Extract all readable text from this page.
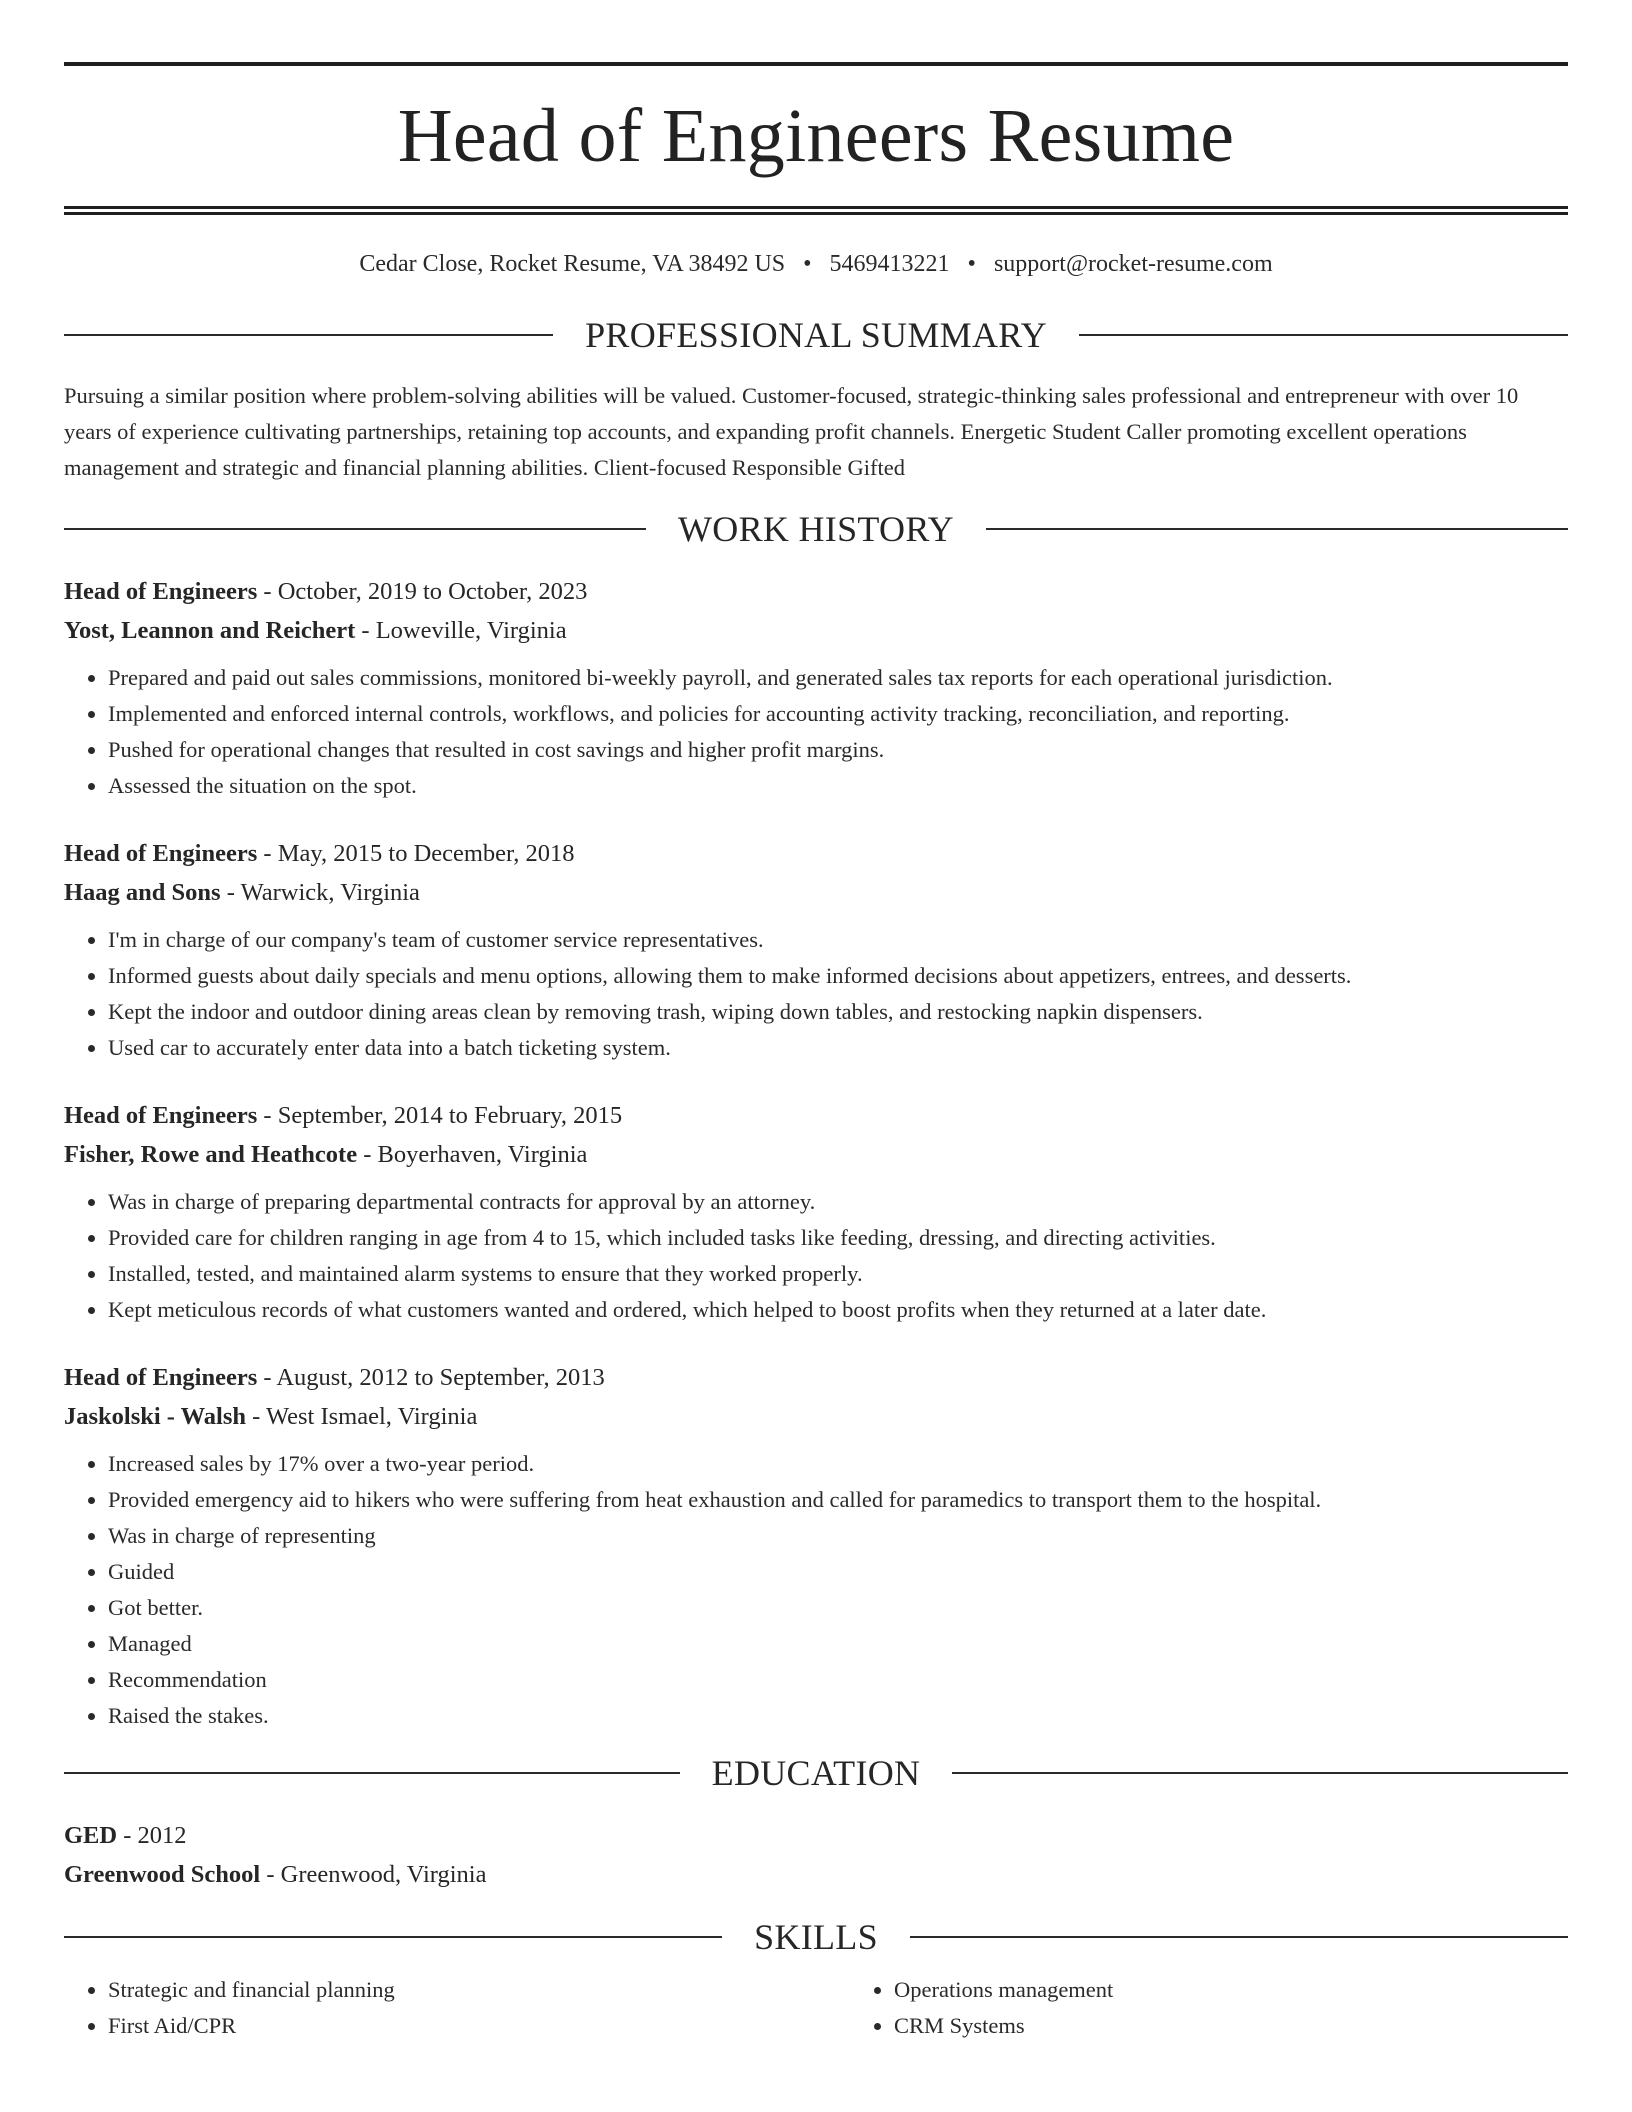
Head of Engineers Resume
Cedar Close, Rocket Resume, VA 38492 US • 5469413221 • support@rocket-resume.com
PROFESSIONAL SUMMARY
Pursuing a similar position where problem-solving abilities will be valued. Customer-focused, strategic-thinking sales professional and entrepreneur with over 10 years of experience cultivating partnerships, retaining top accounts, and expanding profit channels. Energetic Student Caller promoting excellent operations management and strategic and financial planning abilities. Client-focused Responsible Gifted
WORK HISTORY
Head of Engineers - October, 2019 to October, 2023
Yost, Leannon and Reichert - Loweville, Virginia
• Prepared and paid out sales commissions, monitored bi-weekly payroll, and generated sales tax reports for each operational jurisdiction.
• Implemented and enforced internal controls, workflows, and policies for accounting activity tracking, reconciliation, and reporting.
• Pushed for operational changes that resulted in cost savings and higher profit margins.
• Assessed the situation on the spot.
Head of Engineers - May, 2015 to December, 2018
Haag and Sons - Warwick, Virginia
• I'm in charge of our company's team of customer service representatives.
• Informed guests about daily specials and menu options, allowing them to make informed decisions about appetizers, entrees, and desserts.
• Kept the indoor and outdoor dining areas clean by removing trash, wiping down tables, and restocking napkin dispensers.
• Used car to accurately enter data into a batch ticketing system.
Head of Engineers - September, 2014 to February, 2015
Fisher, Rowe and Heathcote - Boyerhaven, Virginia
• Was in charge of preparing departmental contracts for approval by an attorney.
• Provided care for children ranging in age from 4 to 15, which included tasks like feeding, dressing, and directing activities.
• Installed, tested, and maintained alarm systems to ensure that they worked properly.
• Kept meticulous records of what customers wanted and ordered, which helped to boost profits when they returned at a later date.
Head of Engineers - August, 2012 to September, 2013
Jaskolski - Walsh - West Ismael, Virginia
• Increased sales by 17% over a two-year period.
• Provided emergency aid to hikers who were suffering from heat exhaustion and called for paramedics to transport them to the hospital.
• Was in charge of representing
• Guided
• Got better.
• Managed
• Recommendation
• Raised the stakes.
EDUCATION
GED - 2012
Greenwood School - Greenwood, Virginia
SKILLS
• Strategic and financial planning
• First Aid/CPR
• Operations management
• CRM Systems
